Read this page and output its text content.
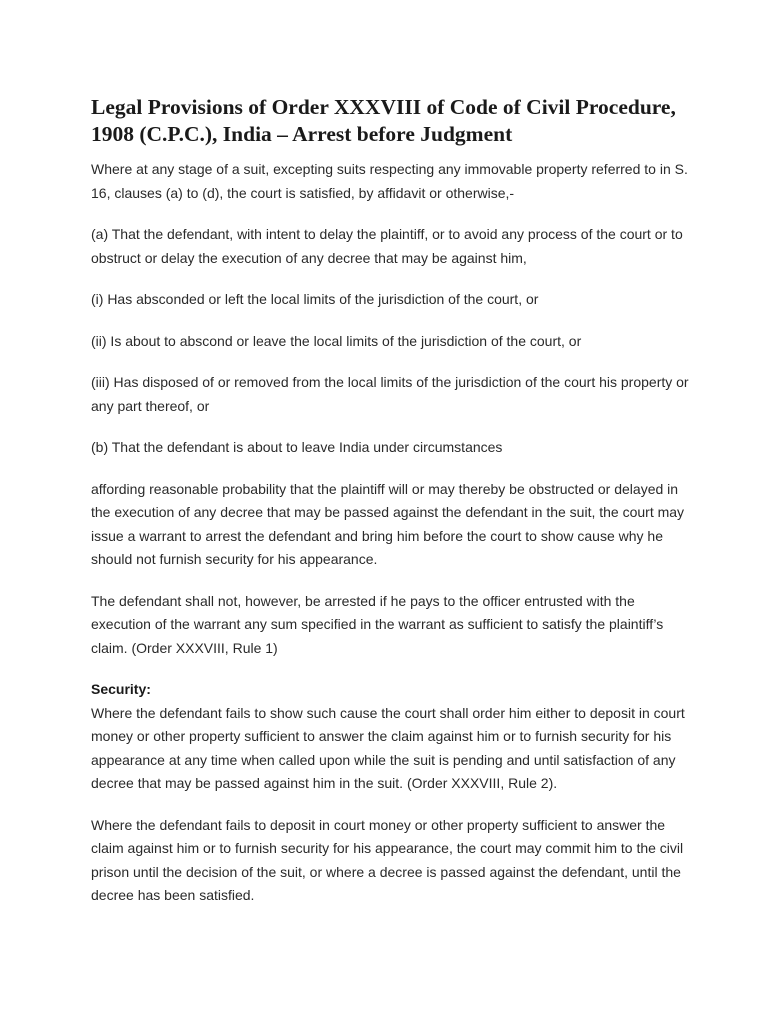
Legal Provisions of Order XXXVIII of Code of Civil Procedure, 1908 (C.P.C.), India – Arrest before Judgment

Where at any stage of a suit, excepting suits respecting any immovable property referred to in S. 16, clauses (a) to (d), the court is satisfied, by affidavit or otherwise,-

(a) That the defendant, with intent to delay the plaintiff, or to avoid any process of the court or to obstruct or delay the execution of any decree that may be against him,

(i) Has absconded or left the local limits of the jurisdiction of the court, or

(ii) Is about to abscond or leave the local limits of the jurisdiction of the court, or

(iii) Has disposed of or removed from the local limits of the jurisdiction of the court his property or any part thereof, or

(b) That the defendant is about to leave India under circumstances

affording reasonable probability that the plaintiff will or may thereby be obstructed or delayed in the execution of any decree that may be passed against the defendant in the suit, the court may issue a warrant to arrest the defendant and bring him before the court to show cause why he should not furnish security for his appearance.

The defendant shall not, however, be arrested if he pays to the officer entrusted with the execution of the warrant any sum specified in the warrant as sufficient to satisfy the plaintiff’s claim. (Order XXXVIII, Rule 1)

Security:
Where the defendant fails to show such cause the court shall order him either to deposit in court money or other property sufficient to answer the claim against him or to furnish security for his appearance at any time when called upon while the suit is pending and until satisfaction of any decree that may be passed against him in the suit. (Order XXXVIII, Rule 2).

Where the defendant fails to deposit in court money or other property sufficient to answer the claim against him or to furnish security for his appearance, the court may commit him to the civil prison until the decision of the suit, or where a decree is passed against the defendant, until the decree has been satisfied.
